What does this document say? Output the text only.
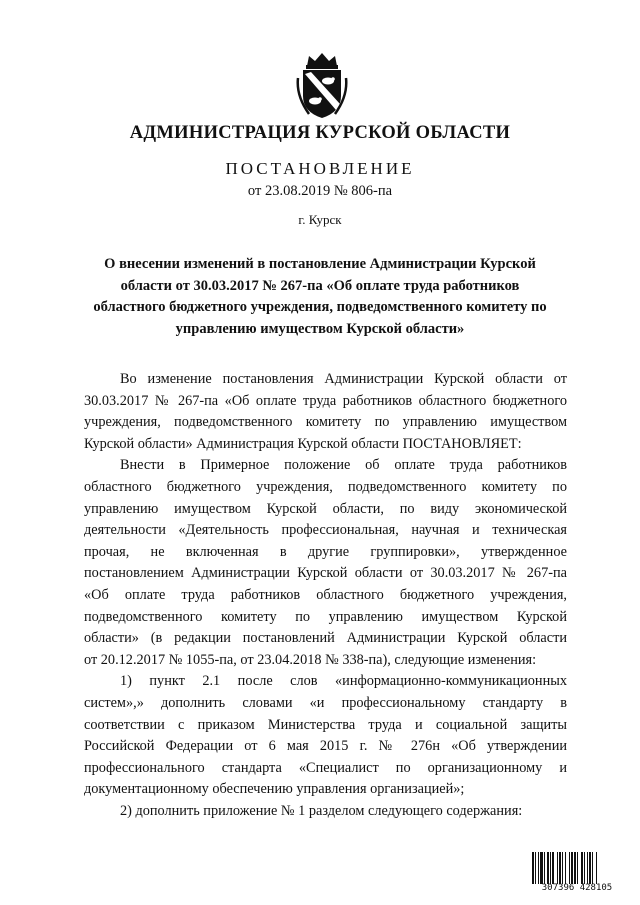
АДМИНИСТРАЦИЯ КУРСКОЙ ОБЛАСТИ
ПОСТАНОВЛЕНИЕ
от 23.08.2019 № 806-па
г. Курск
О внесении изменений в постановление Администрации Курской
области от 30.03.2017 № 267-па «Об оплате труда работников
областного бюджетного учреждения, подведомственного комитету по
управлению имуществом Курской области»
Во изменение постановления Администрации Курской области от
30.03.2017 № 267-па «Об оплате труда работников областного бюджетного
учреждения, подведомственного комитету по управлению имуществом
Курской области» Администрация Курской области ПОСТАНОВЛЯЕТ:
Внести в Примерное положение об оплате труда работников
областного бюджетного учреждения, подведомственного комитету по
управлению имуществом Курской области, по виду экономической
деятельности «Деятельность профессиональная, научная и техническая
прочая, не включенная в другие группировки», утвержденное
постановлением Администрации Курской области от 30.03.2017 № 267-па
«Об оплате труда работников областного бюджетного учреждения,
подведомственного комитету по управлению имуществом Курской
области» (в редакции постановлений Администрации Курской области
от 20.12.2017 № 1055-па, от 23.04.2018 № 338-па), следующие изменения:
1) пункт 2.1 после слов «информационно-коммуникационных
систем»,» дополнить словами «и профессиональному стандарту в
соответствии с приказом Министерства труда и социальной защиты
Российской Федерации от 6 мая 2015 г. № 276н «Об утверждении
профессионального стандарта «Специалист по организационному и
документационному обеспечению управления организацией»;
2) дополнить приложение № 1 разделом следующего содержания:
307396 428105
